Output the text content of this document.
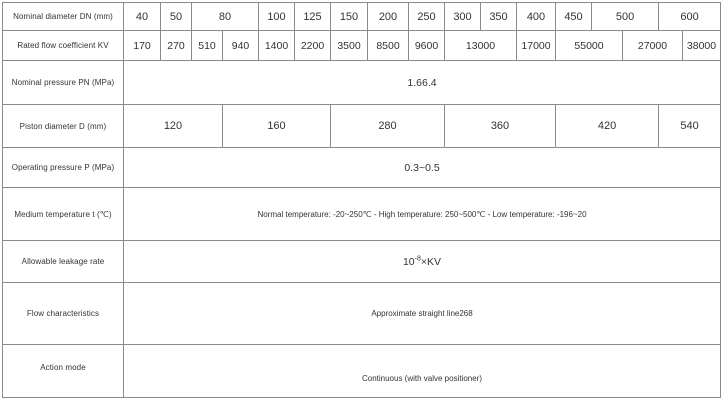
Nominal diameter DN (mm)	40	50	80		100	125	150	200	250	300	350	400	450	500		600	
Rated flow coefficient KV	170	270	510	940	1400	2200	3500	8500	9600	13000		17000	55000		27000		38000
Nominal pressure PN (MPa)	1.66.4																
Piston diameter D (mm)	120			160			280			360			420			540	
Operating pressure P (MPa)	0.3~0.5																
Medium temperature t (℃)	Normal temperature: -20~250℃ - High temperature: 250~500℃ - Low temperature: -196~20																
Allowable leakage rate	$10^{-8}\times KV$																
Flow characteristics	Approximate straight line268																
Action mode	Continuous (with valve positioner)																
